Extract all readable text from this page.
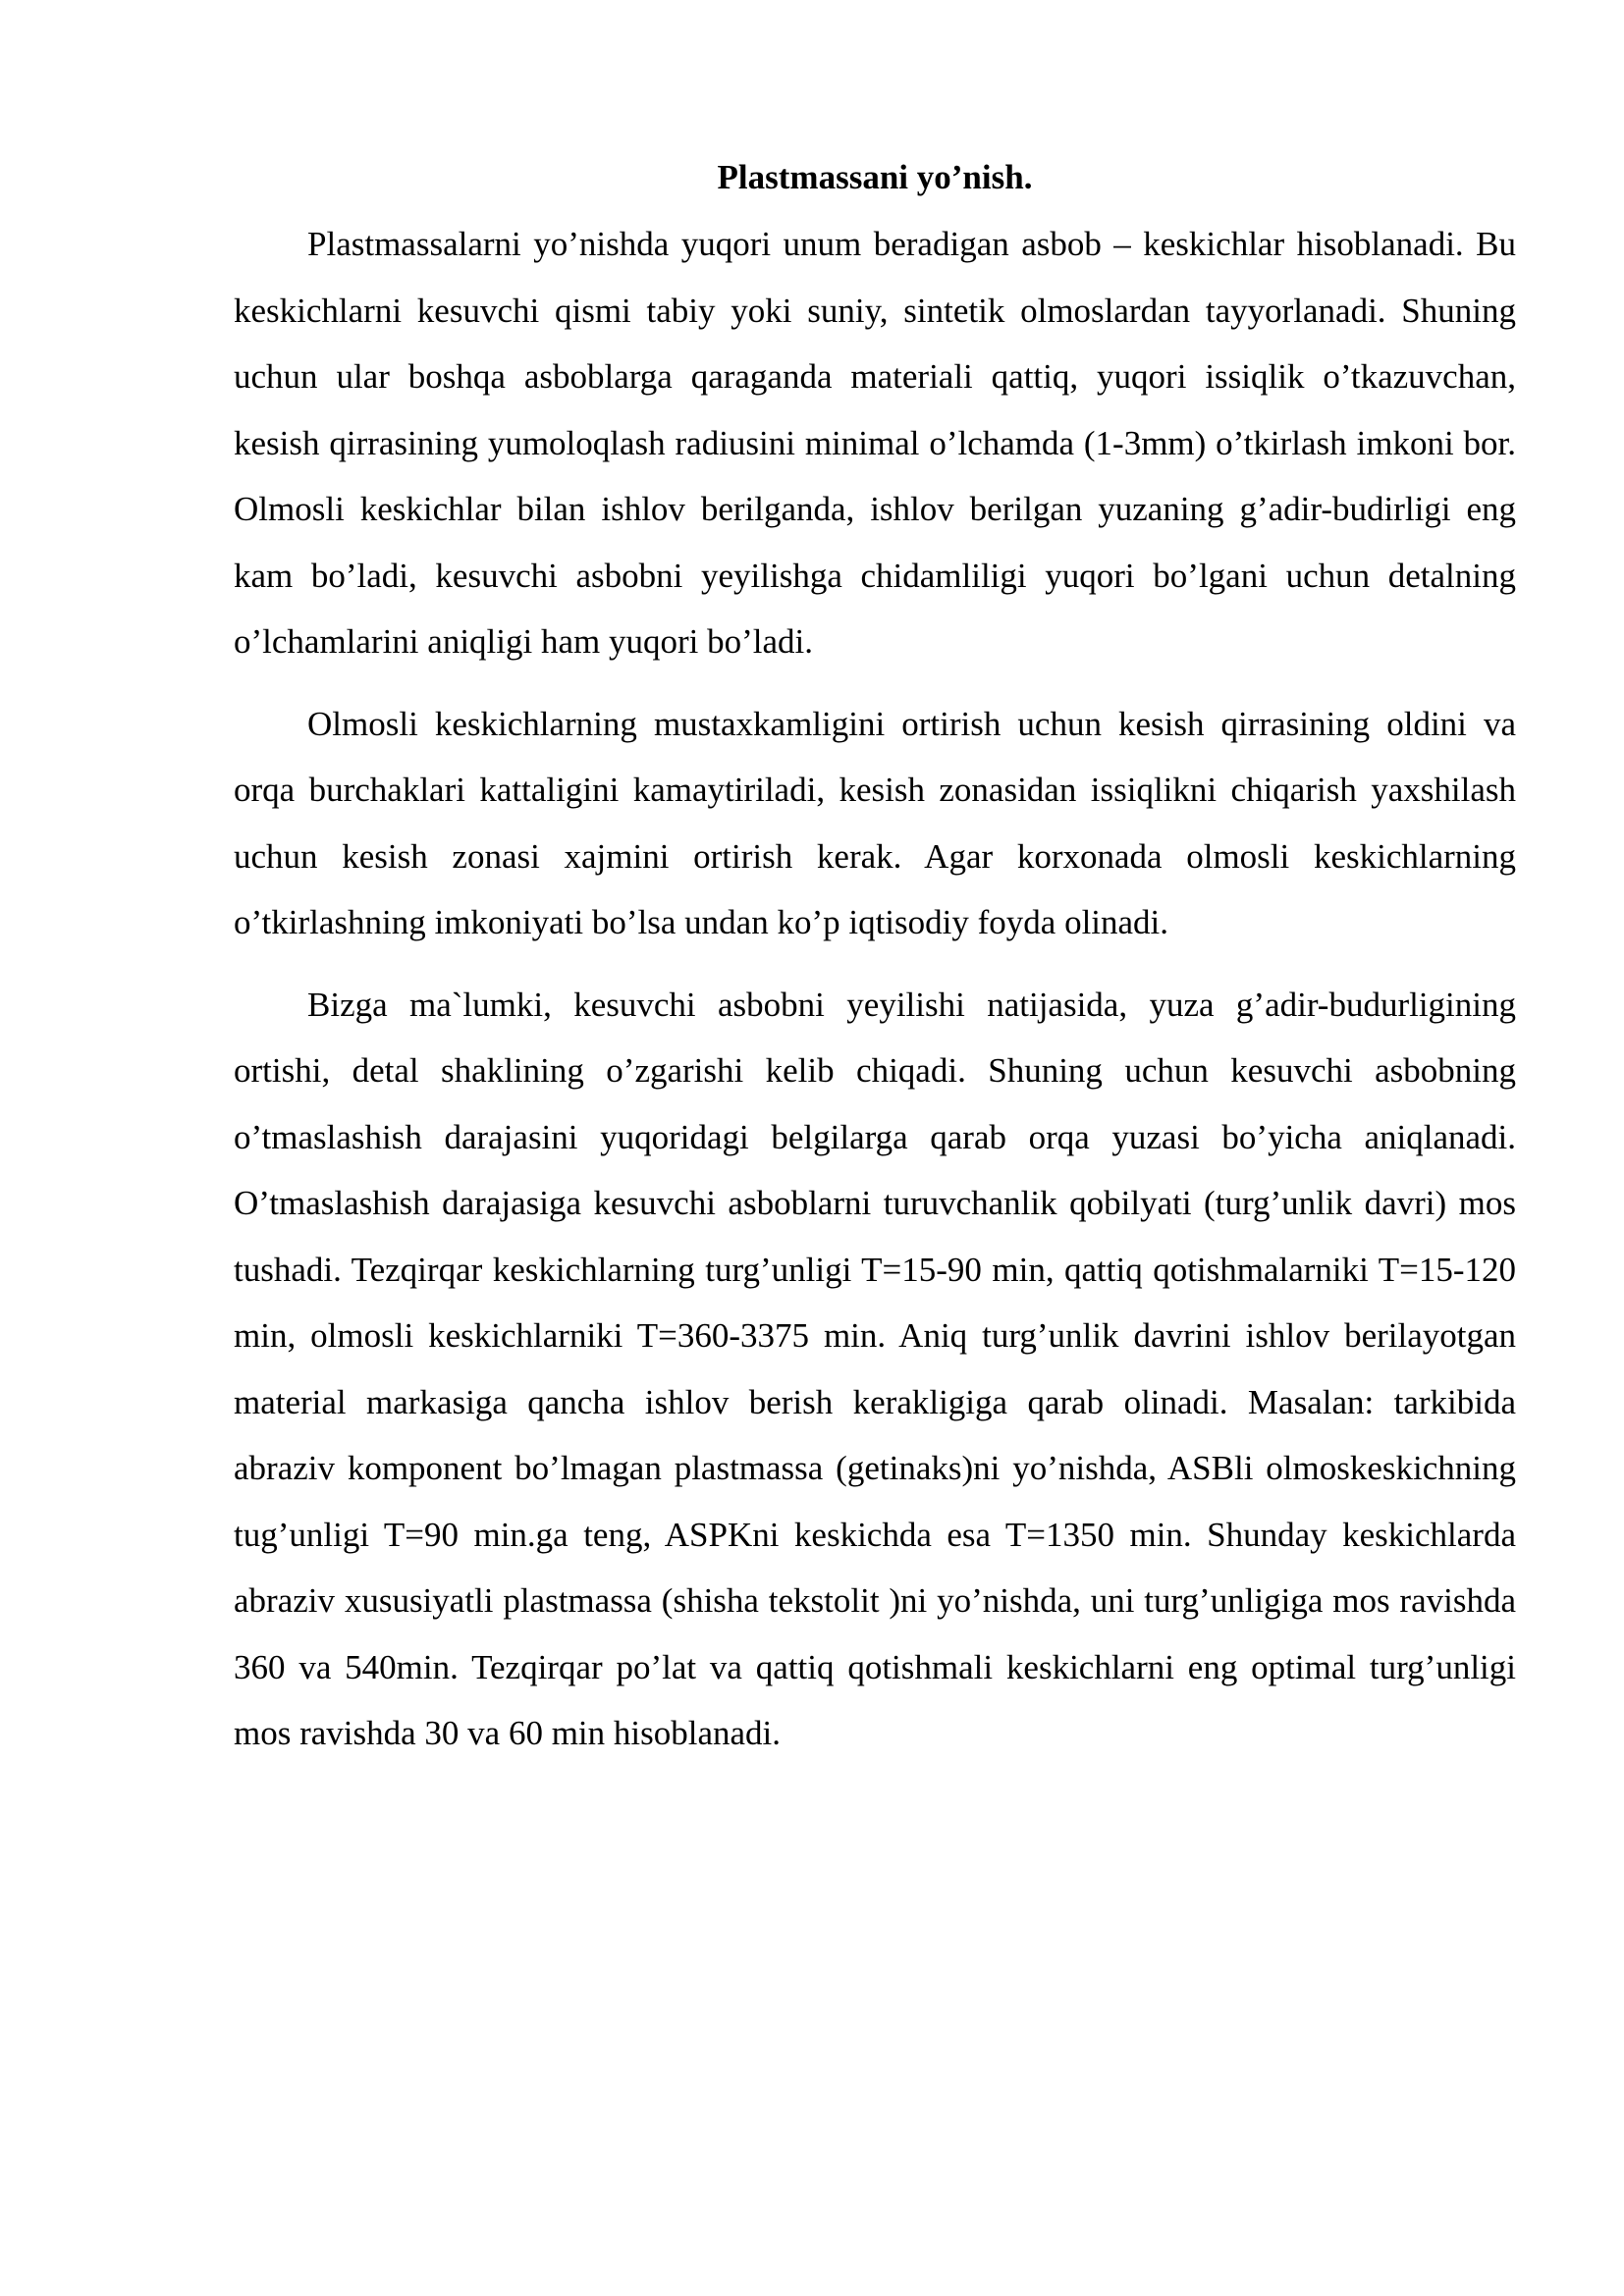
Plastmassani yo’nish.

Plastmassalarni yo’nishda yuqori unum beradigan asbob – keskichlar hisoblanadi. Bu keskichlarni kesuvchi qismi tabiy yoki suniy, sintetik olmoslardan tayyorlanadi. Shuning uchun ular boshqa asboblarga qaraganda materiali qattiq, yuqori issiqlik o’tkazuvchan, kesish qirrasining yumoloqlash radiusini minimal o’lchamda (1-3mm) o’tkirlash imkoni bor. Olmosli keskichlar bilan ishlov berilganda, ishlov berilgan yuzaning g’adir-budirligi eng kam bo’ladi, kesuvchi asbobni yeyilishga chidamliligi yuqori bo’lgani uchun detalning o’lchamlarini aniqligi ham yuqori bo’ladi.

Olmosli keskichlarning mustaxkamligini ortirish uchun kesish qirrasining oldini va orqa burchaklari kattaligini kamaytiriladi, kesish zonasidan issiqlikni chiqarish yaxshilash uchun kesish zonasi xajmini ortirish kerak. Agar korxonada olmosli keskichlarning o’tkirlashning imkoniyati bo’lsa undan ko’p iqtisodiy foyda olinadi.

Bizga ma`lumki, kesuvchi asbobni yeyilishi natijasida, yuza g’adir-budurligining ortishi, detal shaklining o’zgarishi kelib chiqadi. Shuning uchun kesuvchi asbobning o’tmaslashish darajasini yuqoridagi belgilarga qarab orqa yuzasi bo’yicha aniqlanadi. O’tmaslashish darajasiga kesuvchi asboblarni turuvchanlik qobilyati (turg’unlik davri) mos tushadi. Tezqirqar keskichlarning turg’unligi T=15-90 min, qattiq qotishmalarniki T=15-120 min, olmosli keskichlarniki T=360-3375 min. Aniq turg’unlik davrini ishlov berilayotgan material markasiga qancha ishlov berish kerakligiga qarab olinadi. Masalan: tarkibida abraziv komponent bo’lmagan plastmassa (getinaks)ni yo’nishda, ASBli olmoskeskichning tug’unligi T=90 min.ga teng, ASPKni keskichda esa T=1350 min. Shunday keskichlarda abraziv xususiyatli plastmassa (shisha tekstolit )ni yo’nishda, uni turg’unligiga mos ravishda 360 va 540min. Tezqirqar po’lat va qattiq qotishmali keskichlarni eng optimal turg’unligi mos ravishda 30 va 60 min hisoblanadi.
